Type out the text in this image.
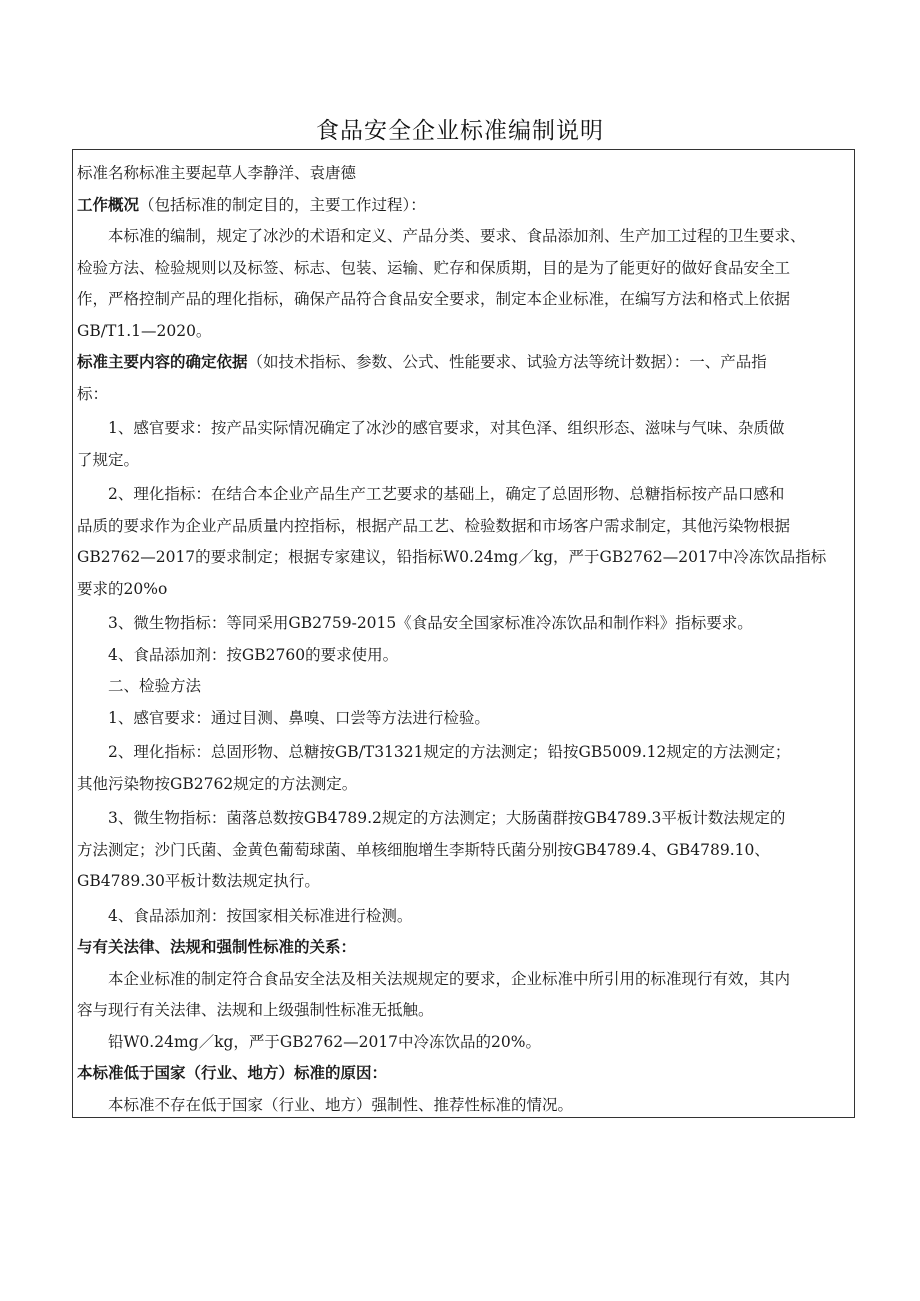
食品安全企业标准编制说明

标准名称标准主要起草人李静洋、袁唐德

工作概况（包括标准的制定目的，主要工作过程）：

本标准的编制，规定了冰沙的术语和定义、产品分类、要求、食品添加剂、生产加工过程的卫生要求、

检验方法、检验规则以及标签、标志、包装、运输、贮存和保质期，目的是为了能更好的做好食品安全工

作，严格控制产品的理化指标，确保产品符合食品安全要求，制定本企业标准，在编写方法和格式上依据

GB/T1.1—2020。

标准主要内容的确定依据（如技术指标、参数、公式、性能要求、试验方法等统计数据）：一、产品指

标：

1、感官要求：按产品实际情况确定了冰沙的感官要求，对其色泽、组织形态、滋味与气味、杂质做

了规定。

2、理化指标：在结合本企业产品生产工艺要求的基础上，确定了总固形物、总糖指标按产品口感和

品质的要求作为企业产品质量内控指标，根据产品工艺、检验数据和市场客户需求制定，其他污染物根据

GB2762—2017的要求制定；根据专家建议，铅指标W0.24mg／kg，严于GB2762—2017中冷冻饮品指标

要求的20%o

3、微生物指标：等同采用GB2759-2015《食品安全国家标准冷冻饮品和制作料》指标要求。

4、食品添加剂：按GB2760的要求使用。

二、检验方法

1、感官要求：通过目测、鼻嗅、口尝等方法进行检验。

2、理化指标：总固形物、总糖按GB/T31321规定的方法测定；铅按GB5009.12规定的方法测定；

其他污染物按GB2762规定的方法测定。

3、微生物指标：菌落总数按GB4789.2规定的方法测定；大肠菌群按GB4789.3平板计数法规定的

方法测定；沙门氏菌、金黄色葡萄球菌、单核细胞增生李斯特氏菌分别按GB4789.4、GB4789.10、

GB4789.30平板计数法规定执行。

4、食品添加剂：按国家相关标准进行检测。

与有关法律、法规和强制性标准的关系：

本企业标准的制定符合食品安全法及相关法规规定的要求，企业标准中所引用的标准现行有效，其内

容与现行有关法律、法规和上级强制性标准无抵触。

铅W0.24mg／kg，严于GB2762—2017中冷冻饮品的20%。

本标准低于国家（行业、地方）标准的原因：

本标准不存在低于国家（行业、地方）强制性、推荐性标准的情况。
